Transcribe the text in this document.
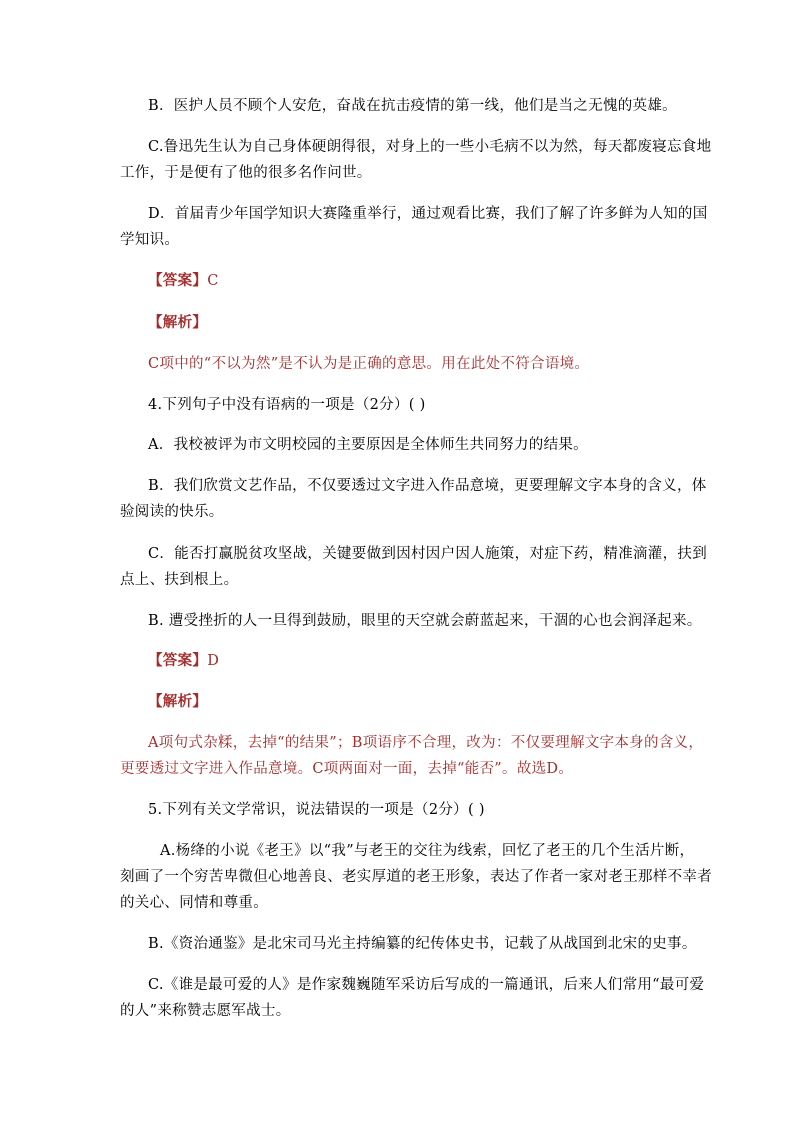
B．医护人员不顾个人安危，奋战在抗击疫情的第一线，他们是当之无愧的英雄。
C.鲁迅先生认为自己身体硬朗得很，对身上的一些小毛病不以为然，每天都废寝忘食地
工作，于是便有了他的很多名作问世。
D．首届青少年国学知识大赛隆重举行，通过观看比赛，我们了解了许多鲜为人知的国
学知识。
【答案】C
【解析】
C项中的“不以为然”是不认为是正确的意思。用在此处不符合语境。
4.下列句子中没有语病的一项是（2分）( )
A．我校被评为市文明校园的主要原因是全体师生共同努力的结果。
B．我们欣赏文艺作品，不仅要透过文字进入作品意境，更要理解文字本身的含义，体
验阅读的快乐。
C．能否打赢脱贫攻坚战，关键要做到因村因户因人施策，对症下药，精准滴灌，扶到
点上、扶到根上。
B. 遭受挫折的人一旦得到鼓励，眼里的天空就会蔚蓝起来，干涸的心也会润泽起来。
【答案】D
【解析】
A项句式杂糅，去掉“的结果”；B项语序不合理，改为：不仅要理解文字本身的含义，
更要透过文字进入作品意境。C项两面对一面，去掉“能否”。故选D。
5.下列有关文学常识，说法错误的一项是（2分）( )
A.杨绛的小说《老王》以“我”与老王的交往为线索，回忆了老王的几个生活片断，
刻画了一个穷苦卑微但心地善良、老实厚道的老王形象，表达了作者一家对老王那样不幸者
的关心、同情和尊重。
B.《资治通鉴》是北宋司马光主持编纂的纪传体史书，记载了从战国到北宋的史事。
C.《谁是最可爱的人》是作家魏巍随军采访后写成的一篇通讯，后来人们常用“最可爱
的人”来称赞志愿军战士。
